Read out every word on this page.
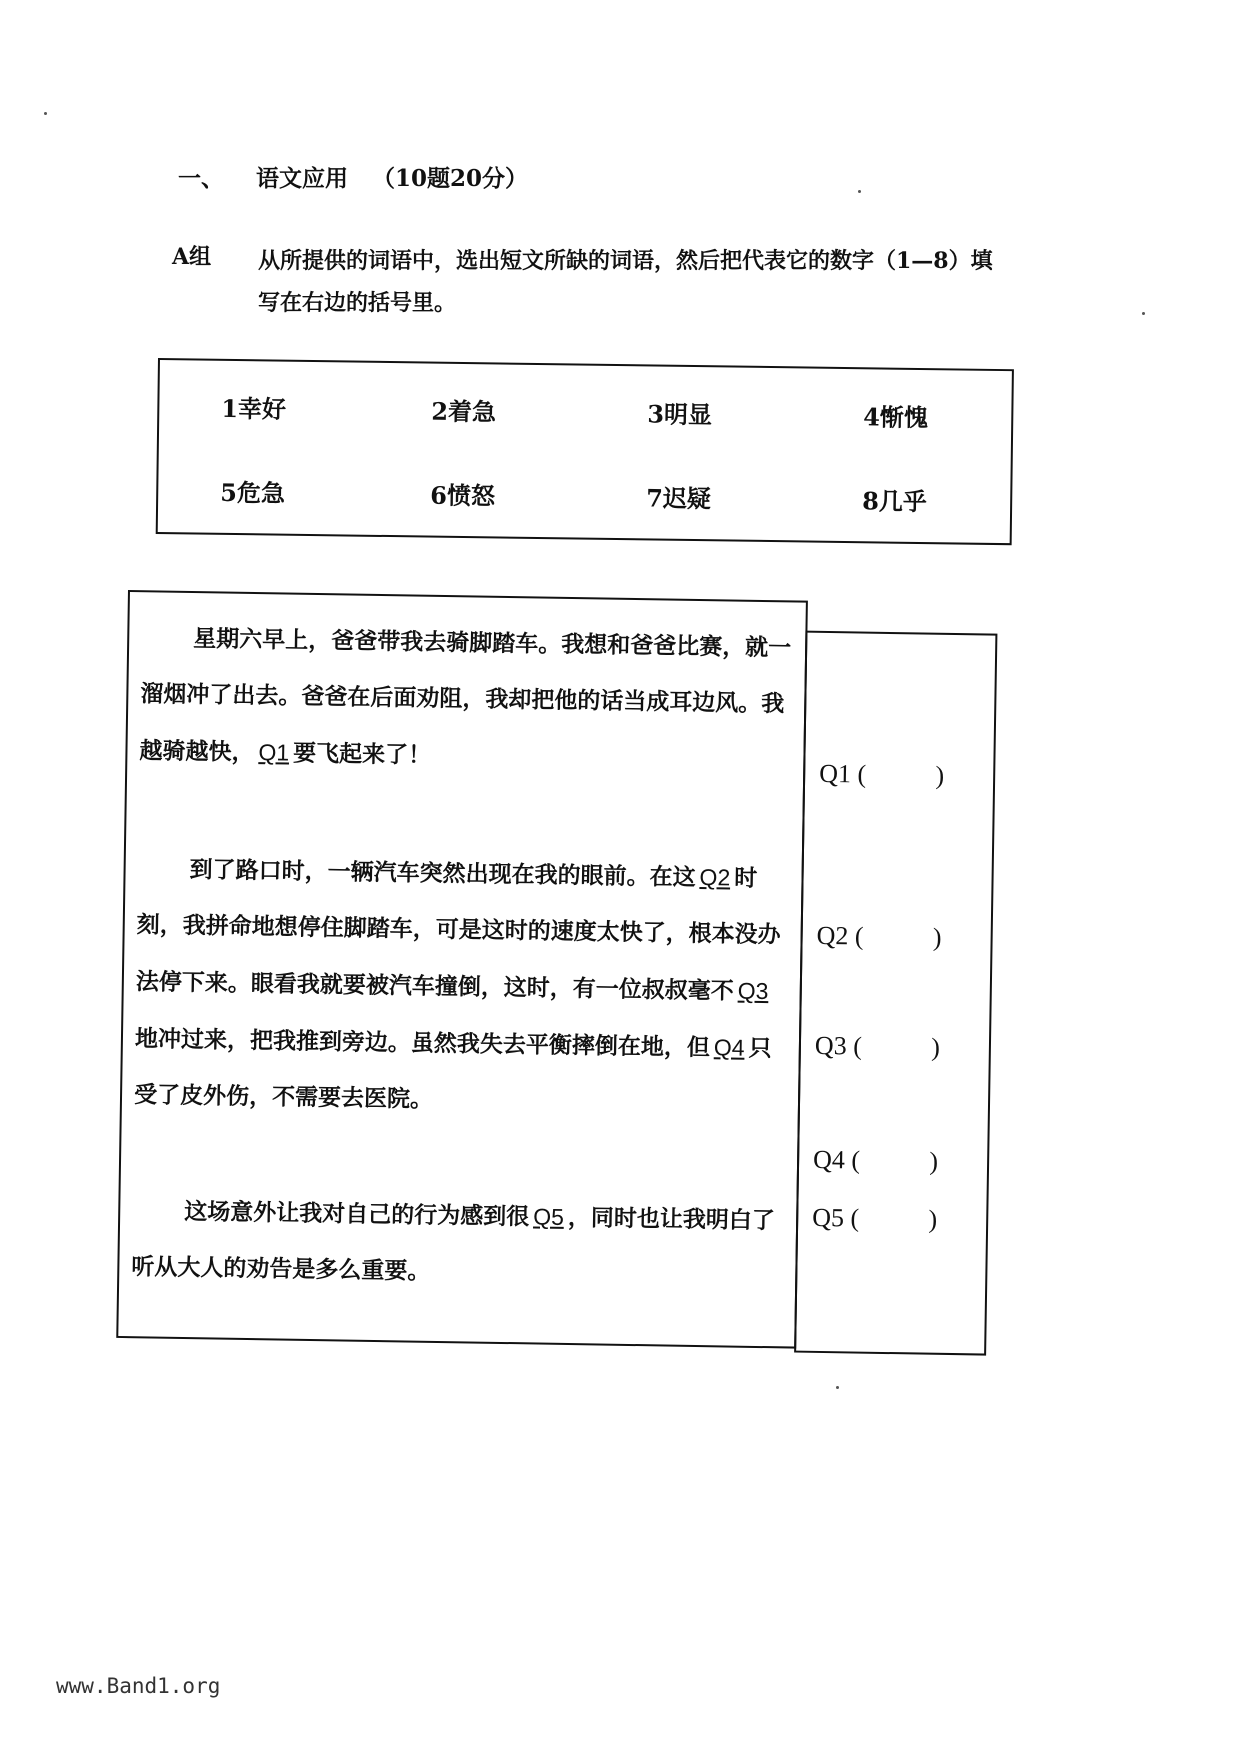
一、 语文应用 （10题20分）
A组 从所提供的词语中，选出短文所缺的词语，然后把代表它的数字（1—8）填写在右边的括号里。
1幸好	2着急	3明显	4惭愧
5危急	6愤怒	7迟疑	8几乎

星期六早上，爸爸带我去骑脚踏车。我想和爸爸比赛，就一溜烟冲了出去。爸爸在后面劝阻，我却把他的话当成耳边风。我越骑越快， Q1 要飞起来了！

到了路口时，一辆汽车突然出现在我的眼前。在这 Q2 时刻，我拼命地想停住脚踏车，可是这时的速度太快了，根本没办法停下来。眼看我就要被汽车撞倒，这时，有一位叔叔毫不 Q3地冲过来，把我推到旁边。虽然我失去平衡摔倒在地，但 Q4 只受了皮外伤，不需要去医院。

这场意外让我对自己的行为感到很 Q5 ，同时也让我明白了听从大人的劝告是多么重要。

Q1 (	)
Q2 (	)
Q3 (	)
Q4 (	)
Q5 (	)
www.Band1.org
